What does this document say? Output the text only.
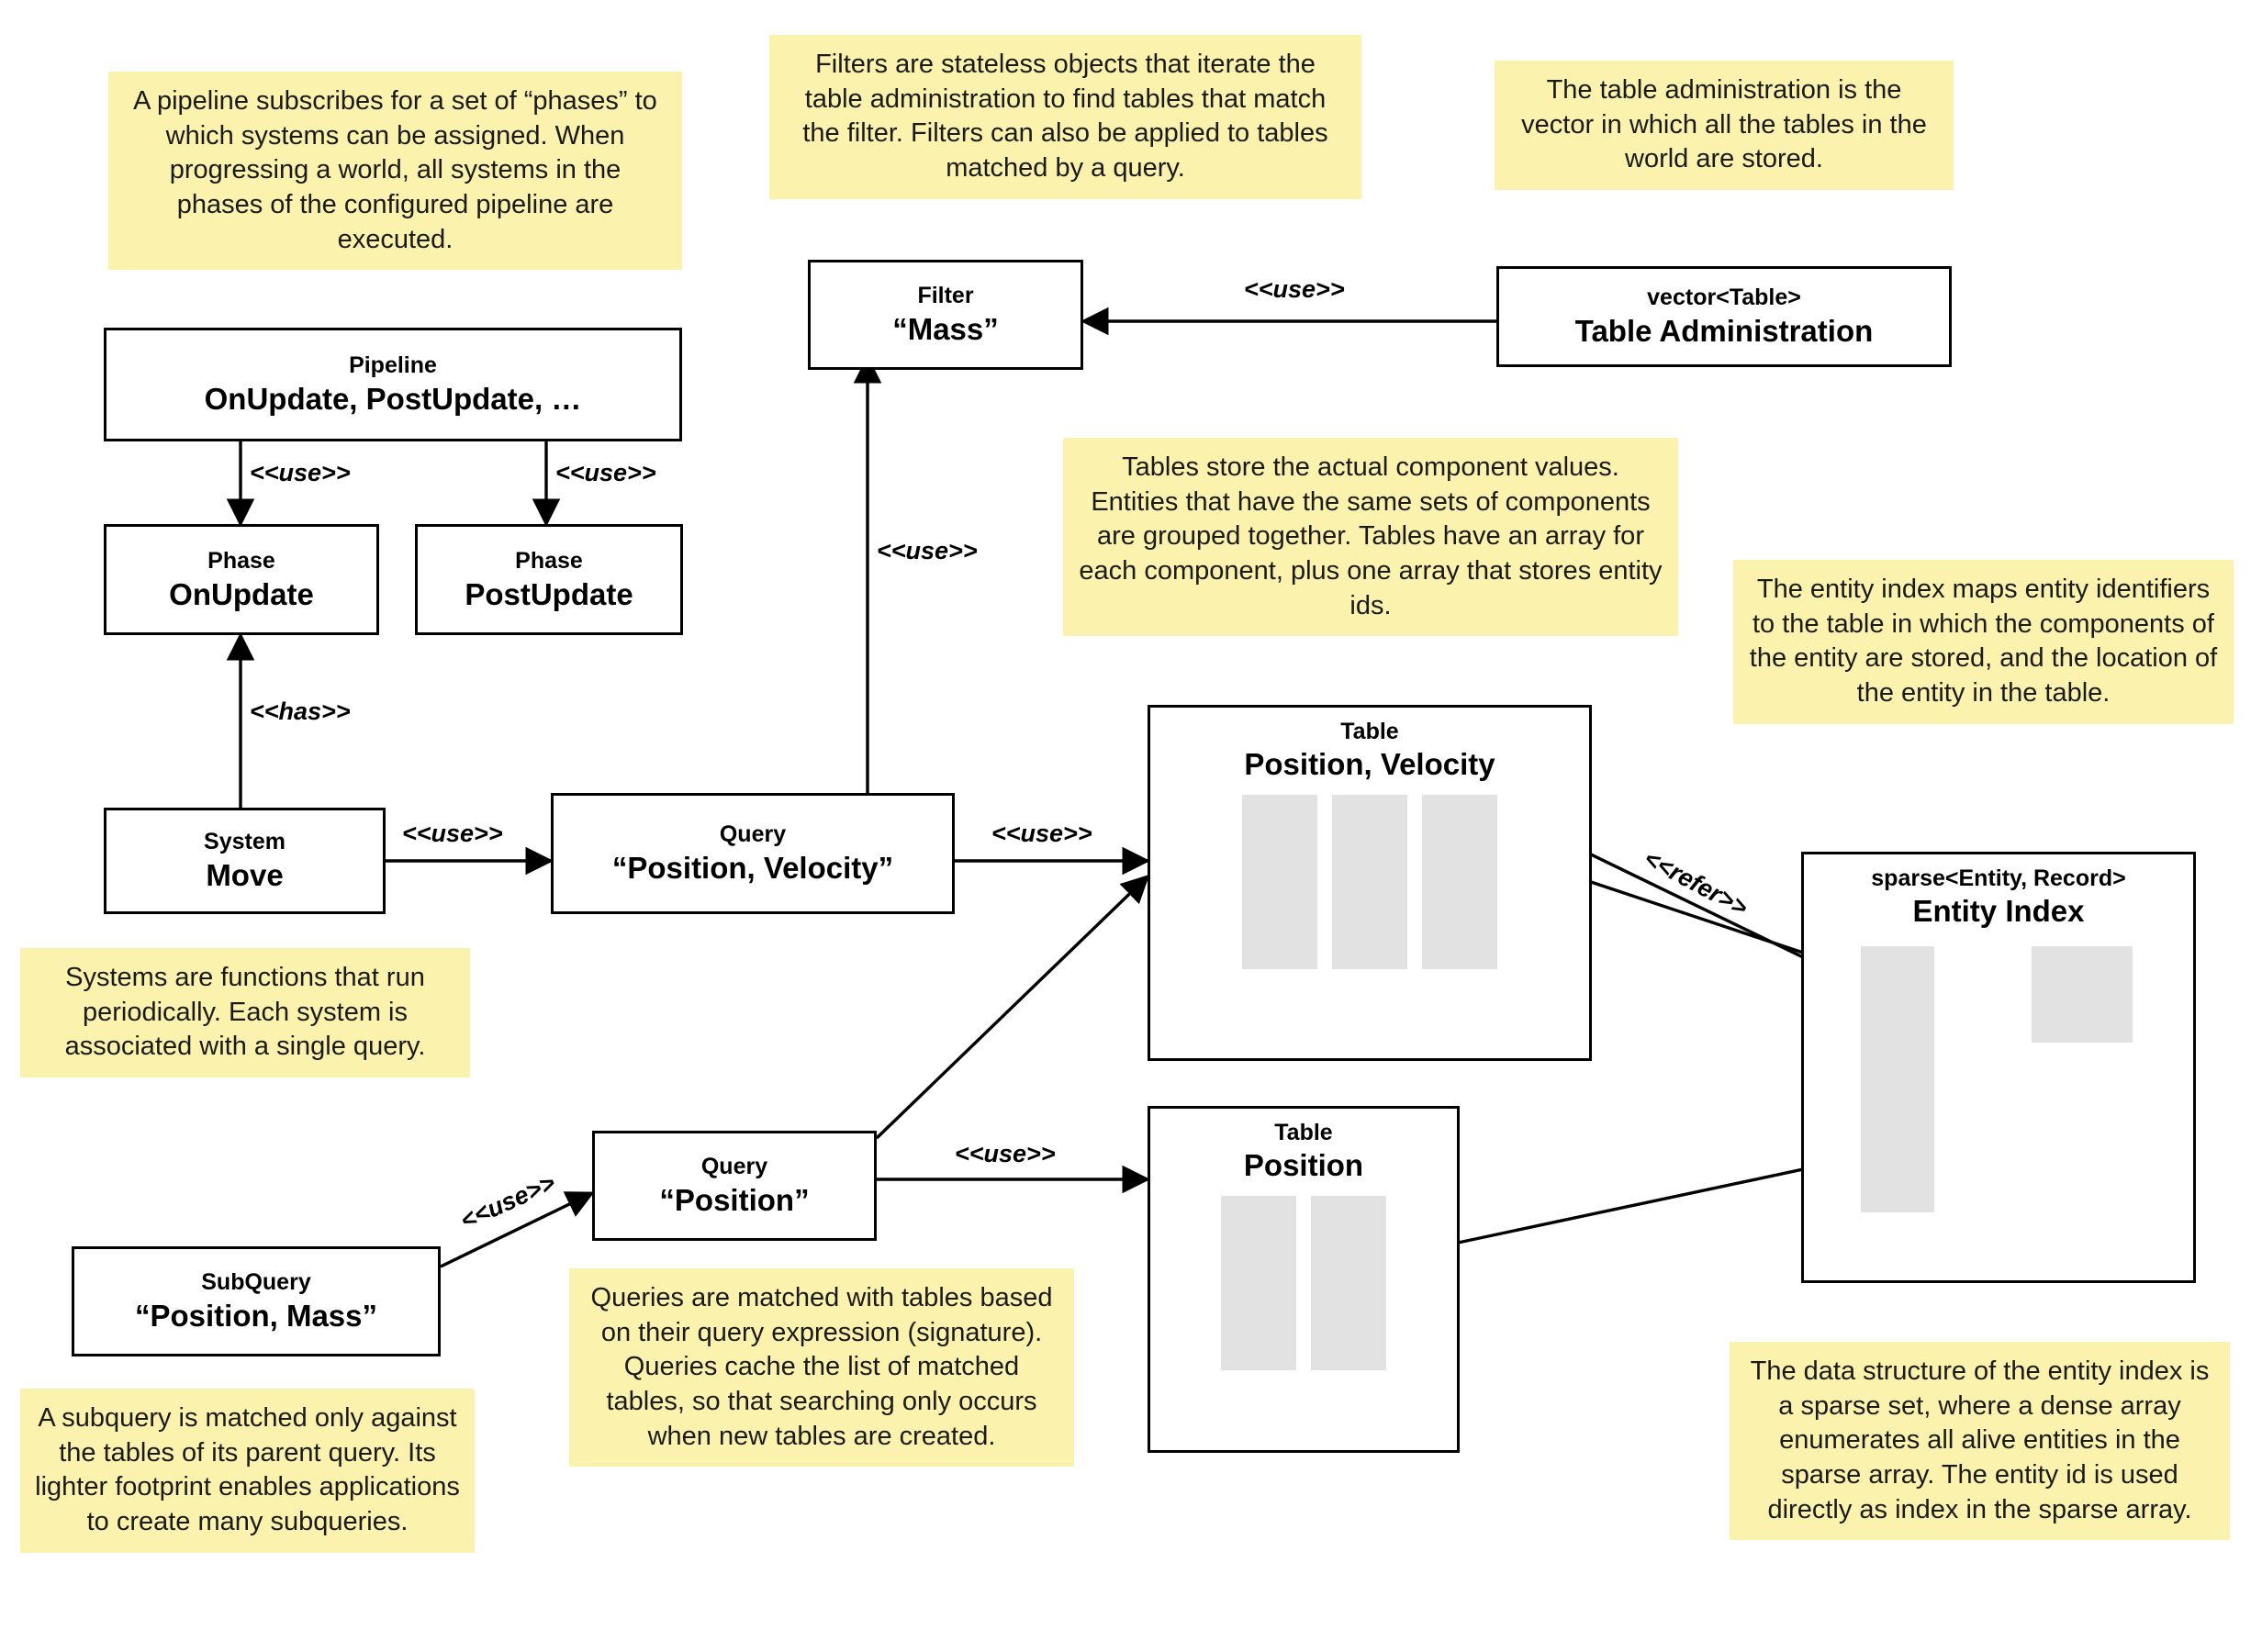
A pipeline subscribes for a set of “phases” to which systems can be assigned. When progressing a world, all systems in the phases of the configured pipeline are executed.
Filters are stateless objects that iterate the table administration to find tables that match the filter. Filters can also be applied to tables matched by a query.
The table administration is the vector in which all the tables in the world are stored.
Tables store the actual component values. Entities that have the same sets of components are grouped together. Tables have an array for each component, plus one array that stores entity ids.
The entity index maps entity identifiers to the table in which the components of the entity are stored, and the location of the entity in the table.
Systems are functions that run periodically. Each system is associated with a single query.
Queries are matched with tables based on their query expression (signature). Queries cache the list of matched tables, so that searching only occurs when new tables are created.
A subquery is matched only against the tables of its parent query. Its lighter footprint enables applications to create many subqueries.
The data structure of the entity index is a sparse set, where a dense array enumerates all alive entities in the sparse array. The entity id is used directly as index in the sparse array.
Pipeline
OnUpdate, PostUpdate, …
Phase
OnUpdate
Phase
PostUpdate
System
Move
Query
“Position, Velocity”
Query
“Position”
SubQuery
“Position, Mass”
Filter
“Mass”
vector<Table>
Table Administration
Table
Position, Velocity
Table
Position
sparse<Entity, Record>
Entity Index
<<use>>	<<use>>
<<has>>
<<use>>	<<use>>
<<use>>
<<use>>
<<use>>
<<use>>
<<refer>>
